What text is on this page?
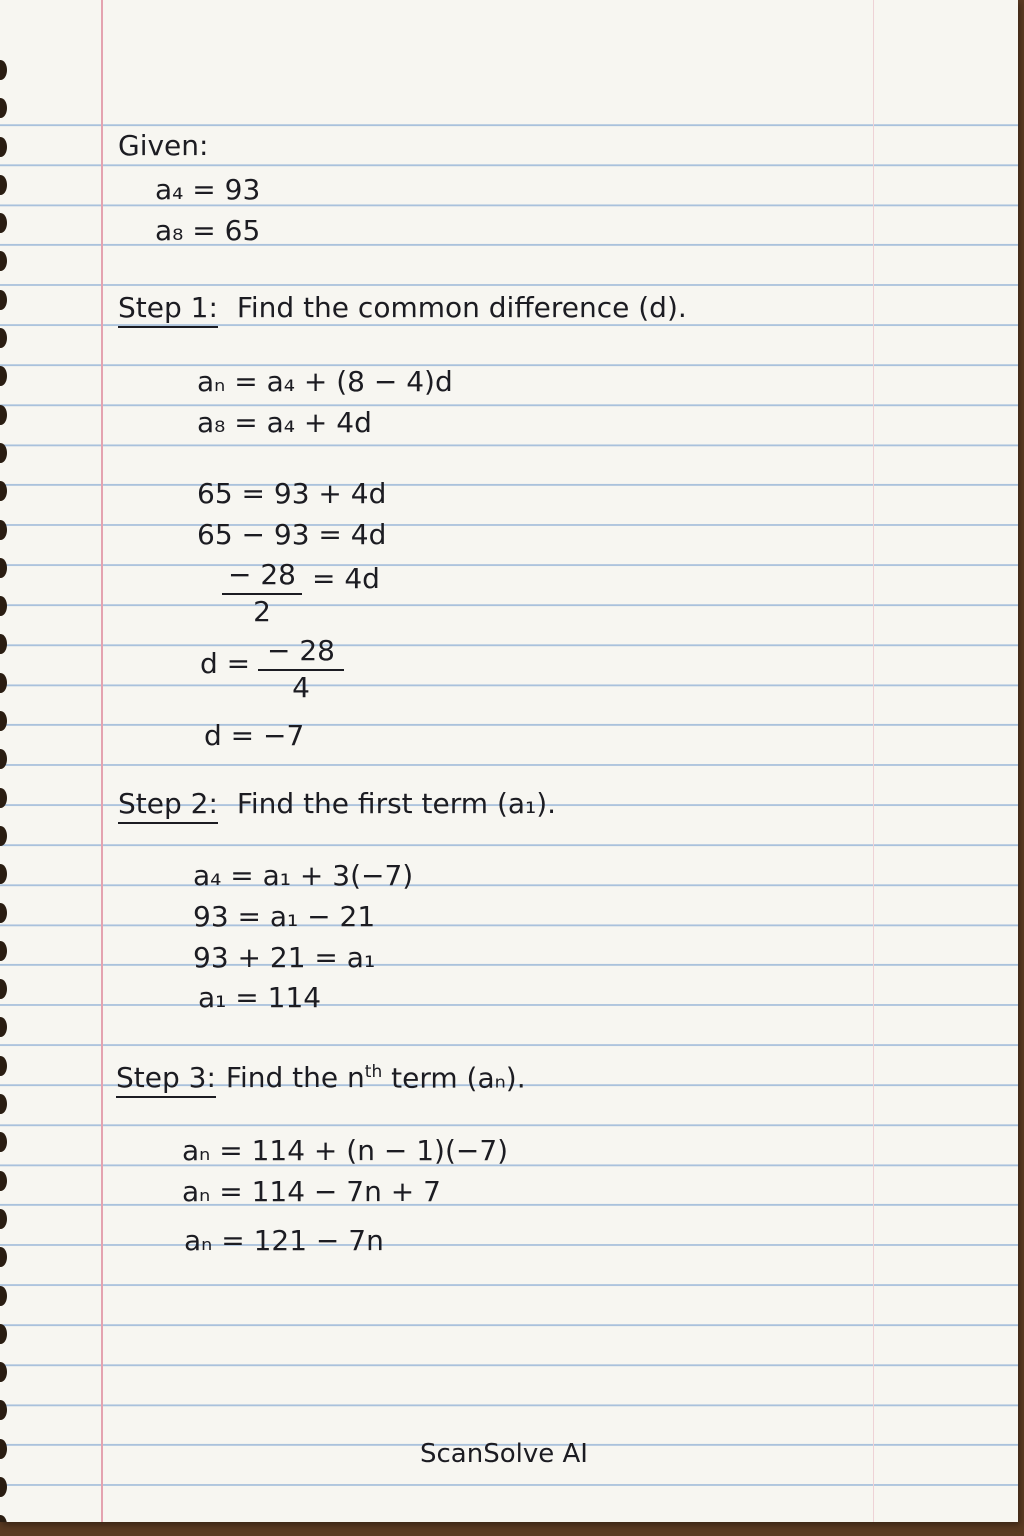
Given:
a₄ = 93
a₈ = 65
Step 1: Find the common difference (d).
aₙ = a₄ + (8 − 4)d
a₈ = a₄ + 4d
65 = 93 + 4d
65 − 93 = 4d
− 28
2
= 4d
d = − 28
4
d = −7
Step 2: Find the first term (a₁).
a₄ = a₁ + 3(−7)
93 = a₁ − 21
93 + 21 = a₁
a₁ = 114
Step 3: Find the $n^{th}$ term (aₙ).
aₙ = 114 + (n − 1)(−7)
aₙ = 114 − 7n + 7
aₙ = 121 − 7n
ScanSolve AI
